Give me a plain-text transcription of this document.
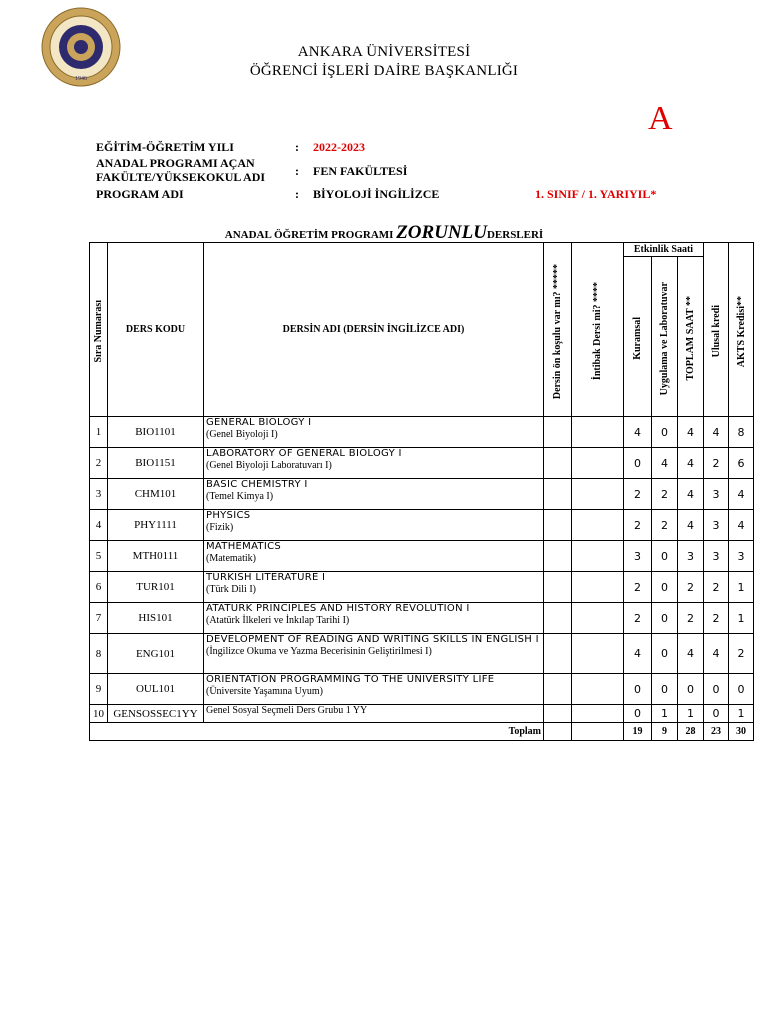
1946
ANKARA ÜNİVERSİTESİ
ÖĞRENCİ İŞLERİ DAİRE BAŞKANLIĞI
A
EĞİTİM-ÖĞRETİM YILI	: 2022-2023
ANADAL PROGRAMI AÇAN
FAKÜLTE/YÜKSEKOKUL ADI : FEN FAKÜLTESİ
PROGRAM ADI	: BİYOLOJİ İNGİLİZCE	1. SINIF / 1. YARIYIL*
ANADAL ÖĞRETİM PROGRAMI ZORUNLUDERSLERİ
Sıra Numarası	DERS KODU	DERSİN ADI (DERSİN İNGİLİZCE ADI)	Dersin ön koşulu var mı? *****	İntibak Dersi mi? ****	Etkinlik Saati			Ulusal kredi	AKTS Kredisi**

					Kuramsal	Uygulama ve Laboratuvar	TOPLAM SAAT **		

1	BIO1101	GENERAL BIOLOGY I
(Genel Biyoloji I)			4	0	4	4	8
2	BIO1151	LABORATORY OF GENERAL BIOLOGY I
(Genel Biyoloji Laboratuvarı I)			0	4	4	2	6
3	CHM101	BASIC CHEMISTRY I
(Temel Kimya I)			2	2	4	3	4
4	PHY1111	PHYSICS
(Fizik)			2	2	4	3	4
5	MTH0111	MATHEMATICS
(Matematik)			3	0	3	3	3
6	TUR101	TURKISH LITERATURE I
(Türk Dili I)			2	0	2	2	1
7	HIS101	ATATURK PRINCIPLES AND HISTORY REVOLUTION I
(Atatürk İlkeleri ve İnkılap Tarihi I)			2	0	2	2	1
8	ENG101	DEVELOPMENT OF READING AND WRITING SKILLS IN ENGLISH I
(İngilizce Okuma ve Yazma Becerisinin Geliştirilmesi I)			4	0	4	4	2
9	OUL101	ORIENTATION PROGRAMMING TO THE UNIVERSITY LIFE
(Üniversite Yaşamına Uyum)			0	0	0	0	0
10	GENSOSSEC1YY	Genel Sosyal Seçmeli Ders Grubu 1 YY			0	1	1	0	1
Toplam					19	9	28	23	30
